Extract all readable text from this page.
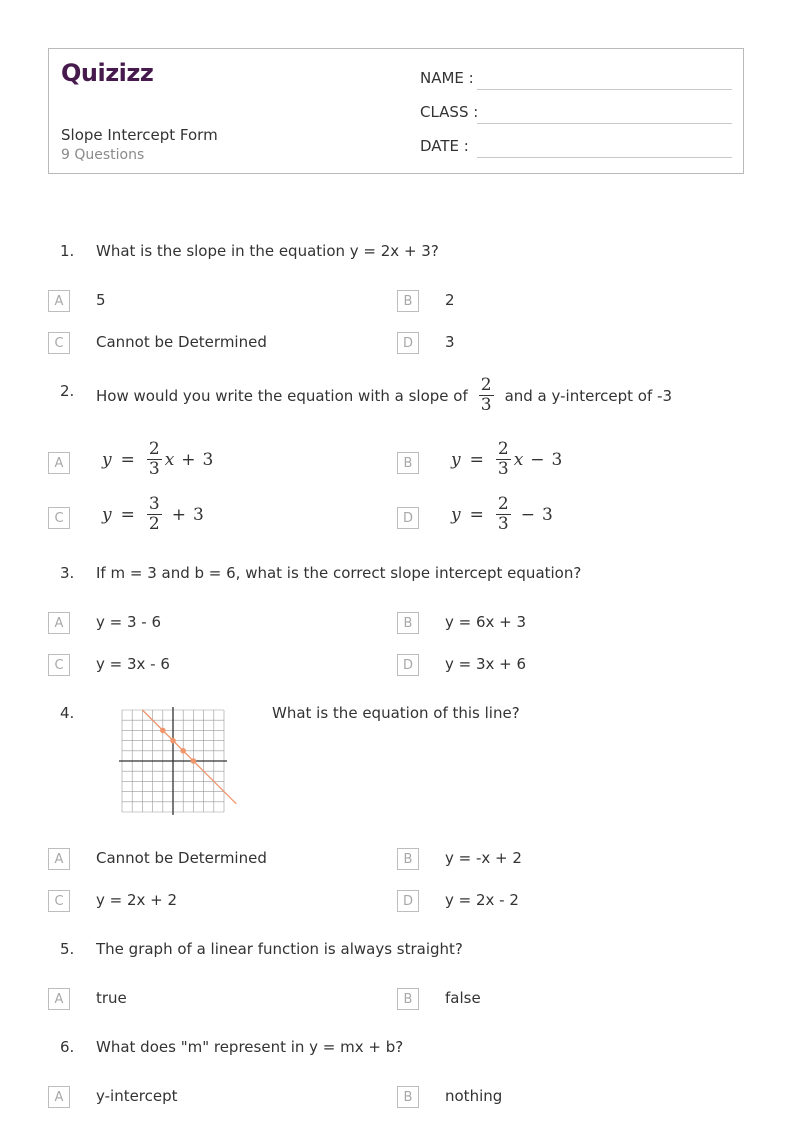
Quizizz
Slope Intercept Form
9 Questions
NAME :
CLASS :
DATE :
1. What is the slope in the equation y = 2x + 3?
A	5	B	2
C	Cannot be Determined	D	3
2. How would you write the equation with a slope of $\frac{2}{3}$ and a y-intercept of -3
A	$y = \frac{2}{3}$ x + 3	B	$y = \frac{2}{3}$ x − 3
C	$y = \frac{3}{2} + 3$	D	$y = \frac{2}{3} - 3$
3. If m = 3 and b = 6, what is the correct slope intercept equation?
A	y = 3 - 6	B	y = 6x + 3
C	y = 3x - 6	D	y = 3x + 6
4.	What is the equation of this line?
A	Cannot be Determined	B	y = -x + 2
C	y = 2x + 2	D	y = 2x - 2
5. The graph of a linear function is always straight?
A	true	B	false
6. What does "m" represent in y = mx + b?
A	y-intercept	B	nothing
